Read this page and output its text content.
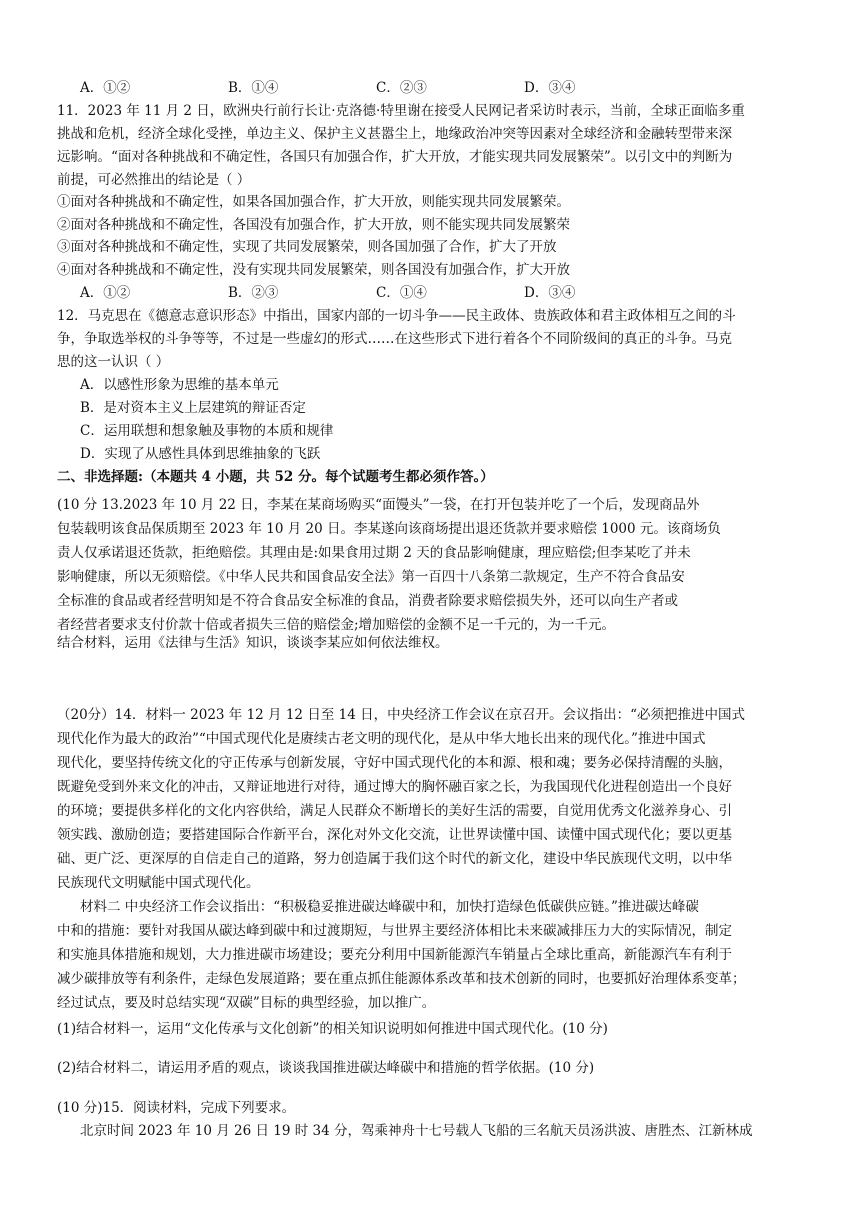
A．①②	B．①④	C．②③	D．③④
11．2023 年 11 月 2 日，欧洲央行前行长让·克洛德·特里谢在接受人民网记者采访时表示，当前，全球正面临多重
挑战和危机，经济全球化受挫，单边主义、保护主义甚嚣尘上，地缘政治冲突等因素对全球经济和金融转型带来深
远影响。“面对各种挑战和不确定性，各国只有加强合作，扩大开放，才能实现共同发展繁荣”。以引文中的判断为
前提，可必然推出的结论是（ ）
①面对各种挑战和不确定性，如果各国加强合作，扩大开放，则能实现共同发展繁荣。
②面对各种挑战和不确定性，各国没有加强合作，扩大开放，则不能实现共同发展繁荣
③面对各种挑战和不确定性，实现了共同发展繁荣，则各国加强了合作，扩大了开放
④面对各种挑战和不确定性，没有实现共同发展繁荣，则各国没有加强合作，扩大开放
A．①②	B．②③	C．①④	D．③④
12．马克思在《德意志意识形态》中指出，国家内部的一切斗争——民主政体、贵族政体和君主政体相互之间的斗
争，争取选举权的斗争等等，不过是一些虚幻的形式……在这些形式下进行着各个不同阶级间的真正的斗争。马克
思的这一认识（ ）
A．以感性形象为思维的基本单元
B．是对资本主义上层建筑的辩证否定
C．运用联想和想象触及事物的本质和规律
D．实现了从感性具体到思维抽象的飞跃
二、非选择题:（本题共 4 小题，共 52 分。每个试题考生都必须作答。）
(10 分 13.2023 年 10 月 22 日，李某在某商场购买“面馒头”一袋，在打开包装并吃了一个后，发现商品外
包装载明该食品保质期至 2023 年 10 月 20 日。李某遂向该商场提出退还货款并要求赔偿 1000 元。该商场负
责人仅承诺退还货款，拒绝赔偿。其理由是:如果食用过期 2 天的食品影响健康，理应赔偿;但李某吃了并未
影响健康，所以无须赔偿。《中华人民共和国食品安全法》第一百四十八条第二款规定，生产不符合食品安
全标准的食品或者经营明知是不符合食品安全标准的食品，消费者除要求赔偿损失外，还可以向生产者或
者经营者要求支付价款十倍或者损失三倍的赔偿金;增加赔偿的金额不足一千元的，为一千元。
结合材料，运用《法律与生活》知识，谈谈李某应如何依法维权。
（20分）14．材料一 2023 年 12 月 12 日至 14 日，中央经济工作会议在京召开。会议指出：“必须把推进中国式
现代化作为最大的政治”“中国式现代化是赓续古老文明的现代化，是从中华大地长出来的现代化。”推进中国式
现代化，要坚持传统文化的守正传承与创新发展，守好中国式现代化的本和源、根和魂；要务必保持清醒的头脑，
既避免受到外来文化的冲击，又辩证地进行对待，通过博大的胸怀融百家之长，为我国现代化进程创造出一个良好
的环境；要提供多样化的文化内容供给，满足人民群众不断增长的美好生活的需要，自觉用优秀文化滋养身心、引
领实践、激励创造；要搭建国际合作新平台，深化对外文化交流，让世界读懂中国、读懂中国式现代化；要以更基
础、更广泛、更深厚的自信走自己的道路，努力创造属于我们这个时代的新文化，建设中华民族现代文明，以中华
民族现代文明赋能中国式现代化。
材料二 中央经济工作会议指出：“积极稳妥推进碳达峰碳中和，加快打造绿色低碳供应链。”推进碳达峰碳
中和的措施：要针对我国从碳达峰到碳中和过渡期短，与世界主要经济体相比未来碳减排压力大的实际情况，制定
和实施具体措施和规划，大力推进碳市场建设；要充分利用中国新能源汽车销量占全球比重高，新能源汽车有利于
减少碳排放等有利条件，走绿色发展道路；要在重点抓住能源体系改革和技术创新的同时，也要抓好治理体系变革；
经过试点，要及时总结实现“双碳”目标的典型经验，加以推广。
(1)结合材料一，运用“文化传承与文化创新”的相关知识说明如何推进中国式现代化。(10 分)
(2)结合材料二，请运用矛盾的观点，谈谈我国推进碳达峰碳中和措施的哲学依据。(10 分)
(10 分)15．阅读材料，完成下列要求。
北京时间 2023 年 10 月 26 日 19 时 34 分，驾乘神舟十七号载人飞船的三名航天员汤洪波、唐胜杰、江新林成
